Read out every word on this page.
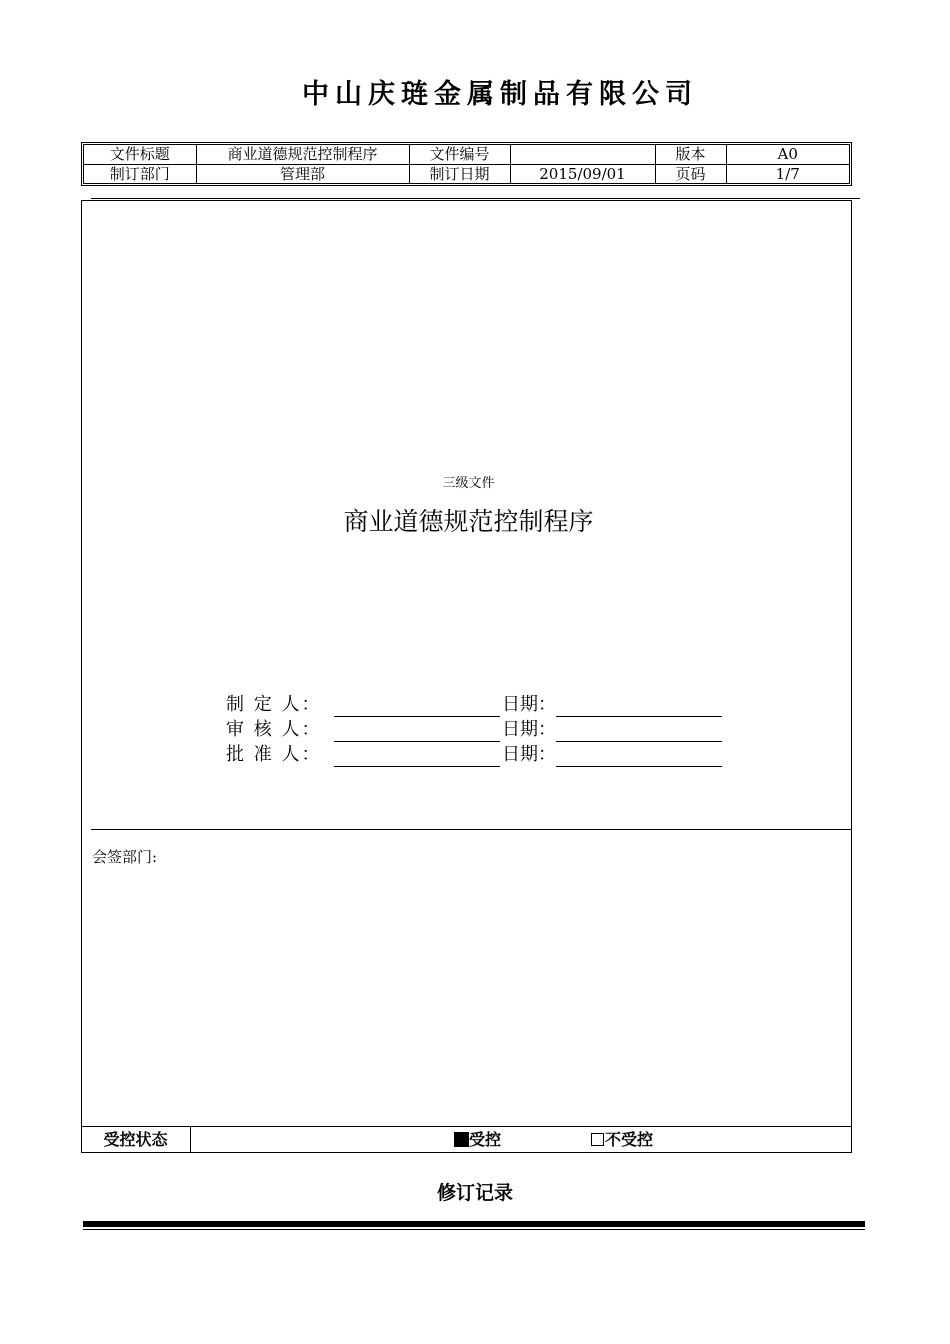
中山庆琏金属制品有限公司
文件标题	商业道德规范控制程序	文件编号		版本	A0
制订部门	管理部	制订日期	2015/09/01	页码	1/7
三级文件
商业道德规范控制程序
制 定 人：	日期：
审 核 人：	日期：
批 准 人：	日期：
会签部门:
受控状态	受控	不受控
修订记录
